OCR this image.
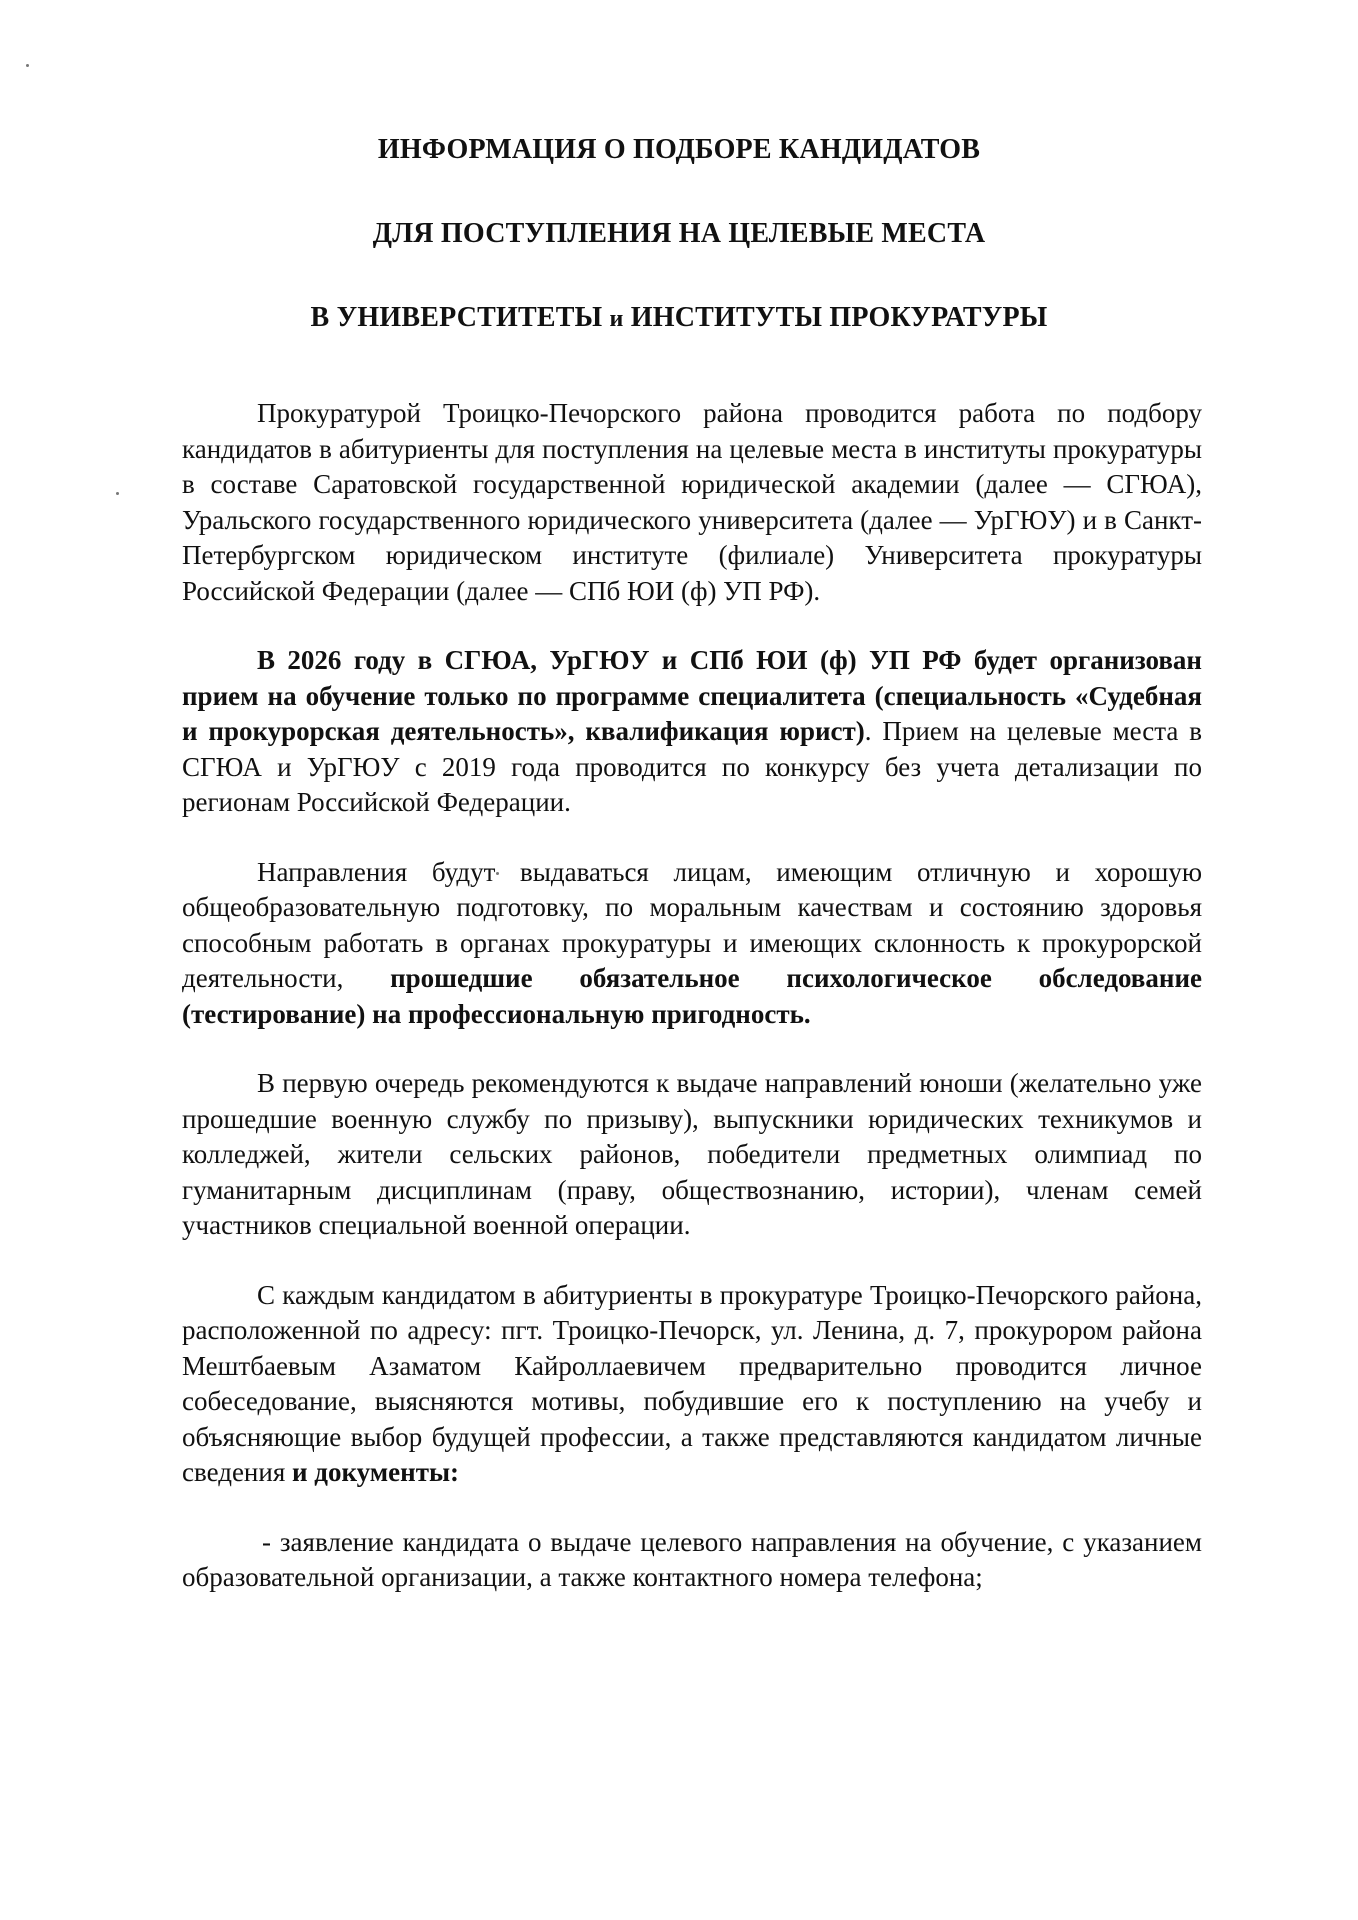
ИНФОРМАЦИЯ О ПОДБОРЕ КАНДИДАТОВ
ДЛЯ ПОСТУПЛЕНИЯ НА ЦЕЛЕВЫЕ МЕСТА
В УНИВЕРСТИТЕТЫ и ИНСТИТУТЫ ПРОКУРАТУРЫ

Прокуратурой Троицко-Печорского района проводится работа по подбору кандидатов в абитуриенты для поступления на целевые места в институты прокуратуры в составе Саратовской государственной юридической академии (далее — СГЮА), Уральского государственного юридического университета (далее — УрГЮУ) и в Санкт-Петербургском юридическом институте (филиале) Университета прокуратуры Российской Федерации (далее — СПб ЮИ (ф) УП РФ).

В 2026 году в СГЮА, УрГЮУ и СПб ЮИ (ф) УП РФ будет организован прием на обучение только по программе специалитета (специальность «Судебная и прокурорская деятельность», квалификация юрист). Прием на целевые места в СГЮА и УрГЮУ с 2019 года проводится по конкурсу без учета детализации по регионам Российской Федерации.

Направления будут выдаваться лицам, имеющим отличную и хорошую общеобразовательную подготовку, по моральным качествам и состоянию здоровья способным работать в органах прокуратуры и имеющих склонность к прокурорской деятельности, прошедшие обязательное психологическое обследование (тестирование) на профессиональную пригодность.

В первую очередь рекомендуются к выдаче направлений юноши (желательно уже прошедшие военную службу по призыву), выпускники юридических техникумов и колледжей, жители сельских районов, победители предметных олимпиад по гуманитарным дисциплинам (праву, обществознанию, истории), членам семей участников специальной военной операции.

С каждым кандидатом в абитуриенты в прокуратуре Троицко-Печорского района, расположенной по адресу: пгт. Троицко-Печорск, ул. Ленина, д. 7, прокурором района Мештбаевым Азаматом Кайроллаевичем предварительно проводится личное собеседование, выясняются мотивы, побудившие его к поступлению на учебу и объясняющие выбор будущей профессии, а также представляются кандидатом личные сведения и документы:

- заявление кандидата о выдаче целевого направления на обучение, с указанием образовательной организации, а также контактного номера телефона;
